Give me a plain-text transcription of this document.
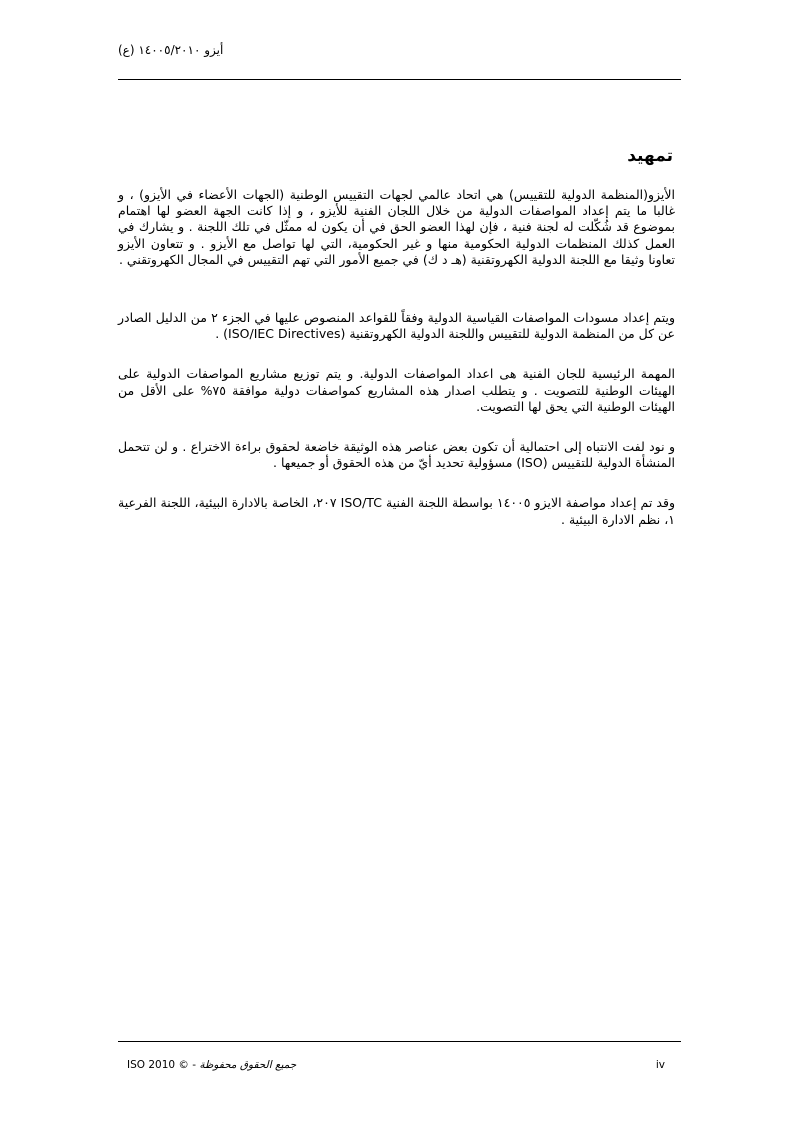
أيزو ١٤٠٠٥/٢٠١٠ (ع)
تمهيد

الأيزو(المنظمة الدولية للتقييس) هي اتحاد عالمي لجهات التقييس الوطنية (الجهات الأعضاء في الأيزو) ، و غالبا ما يتم إعداد المواصفات الدولية من خلال اللجان الفنية للأيزو ، و إذا كانت الجهة العضو لها اهتمام بموضوع قد شُكّلت له لجنة فنية ، فإن لهذا العضو الحق في أن يكون له ممثّل في تلك اللجنة . و يشارك في العمل كذلك المنظمات الدولية الحكومية منها و غير الحكومية، التي لها تواصل مع الأيزو . و تتعاون الأيزو تعاونا وثيقا مع اللجنة الدولية الكهروتقنية (هـ د ك) في جميع الأمور التي تهم التقييس في المجال الكهروتقني .

ويتم إعداد مسودات المواصفات القياسية الدولية وفقاً للقواعد المنصوص عليها في الجزء ٢ من الدليل الصادر عن كل من المنظمة الدولية للتقييس واللجنة الدولية الكهروتقنية (ISO/IEC Directives) .

المهمة الرئيسية للجان الفنية هى اعداد المواصفات الدولية. و يتم توزيع مشاريع المواصفات الدولية على الهيئات الوطنية للتصويت . و يتطلب اصدار هذه المشاريع كمواصفات دولية موافقة ٧٥% على الأقل من الهيئات الوطنية التي يحق لها التصويت.

و نود لفت الانتباه إلى احتمالية أن تكون بعض عناصر هذه الوثيقة خاضعة لحقوق براءة الاختراع . و لن تتحمل المنشأة الدولية للتقييس (ISO) مسؤولية تحديد أيّ من هذه الحقوق أو جميعها .

وقد تم إعداد مواصفة الايزو ١٤٠٠٥ بواسطة اللجنة الفنية ISO/TC ٢٠٧، الخاصة بالادارة البيئية، اللجنة الفرعية ١، نظم الادارة البيئية .

جميع الحقوق محفوظة - © ISO 2010	iv
